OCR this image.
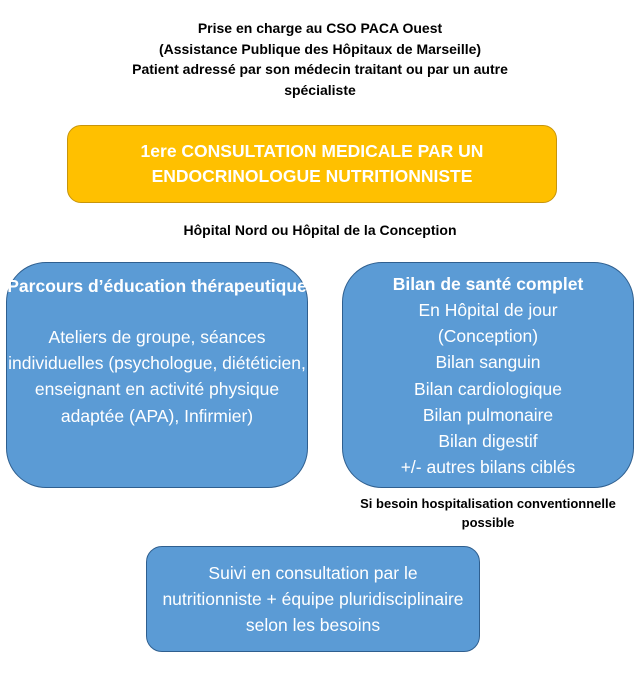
Prise en charge au CSO PACA Ouest
(Assistance Publique des Hôpitaux de Marseille)
Patient adressé par son médecin traitant ou par un autre
spécialiste
1ere CONSULTATION MEDICALE PAR UN ENDOCRINOLOGUE NUTRITIONNISTE
Hôpital Nord ou Hôpital de la Conception
Parcours d’éducation thérapeutique
Ateliers de groupe, séances individuelles (psychologue, diététicien, enseignant en activité physique adaptée (APA), Infirmier)
Bilan de santé complet
En Hôpital de jour
(Conception)
Bilan sanguin
Bilan cardiologique
Bilan pulmonaire
Bilan digestif
+/- autres bilans ciblés
Si besoin hospitalisation conventionnelle possible
Suivi en consultation par le nutritionniste + équipe pluridisciplinaire selon les besoins
